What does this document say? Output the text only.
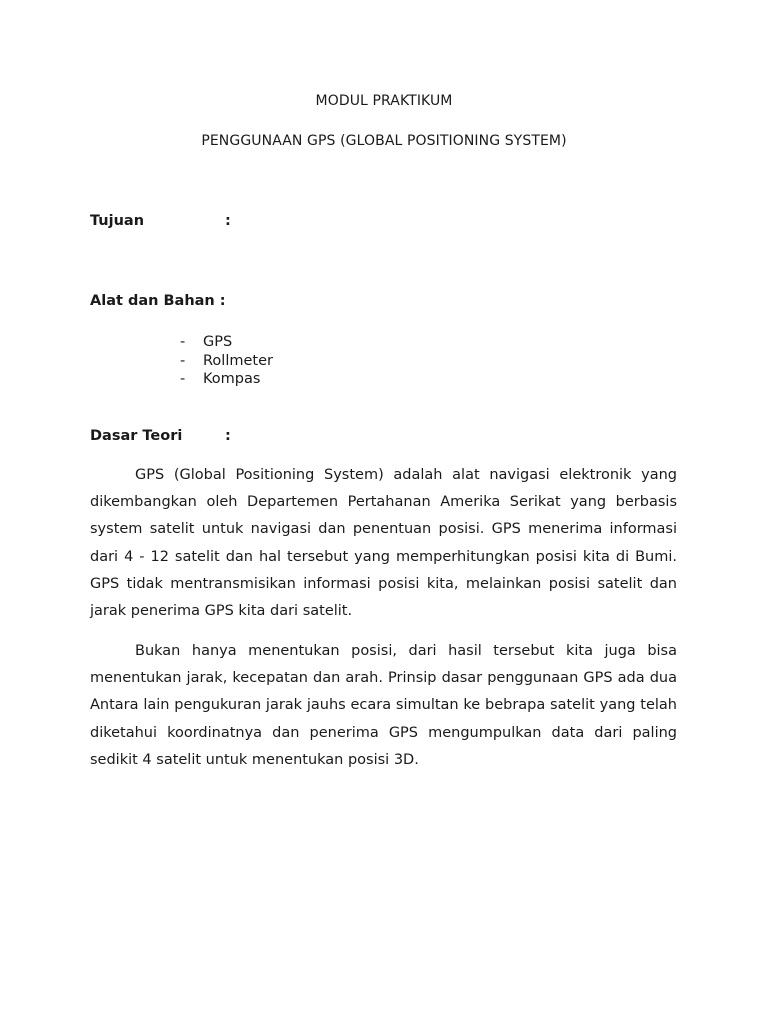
MODUL PRAKTIKUM
PENGGUNAAN GPS (GLOBAL POSITIONING SYSTEM)
Tujuan	:
Alat dan Bahan :
- GPS
- Rollmeter
- Kompas
Dasar Teori	:

GPS (Global Positioning System) adalah alat navigasi elektronik yang dikembangkan oleh Departemen Pertahanan Amerika Serikat yang berbasis system satelit untuk navigasi dan penentuan posisi. GPS menerima informasi dari 4 - 12 satelit dan hal tersebut yang memperhitungkan posisi kita di Bumi. GPS tidak mentransmisikan informasi posisi kita, melainkan posisi satelit dan jarak penerima GPS kita dari satelit.

Bukan hanya menentukan posisi, dari hasil tersebut kita juga bisa menentukan jarak, kecepatan dan arah. Prinsip dasar penggunaan GPS ada dua Antara lain pengukuran jarak jauhs ecara simultan ke bebrapa satelit yang telah diketahui koordinatnya dan penerima GPS mengumpulkan data dari paling sedikit 4 satelit untuk menentukan posisi 3D.
